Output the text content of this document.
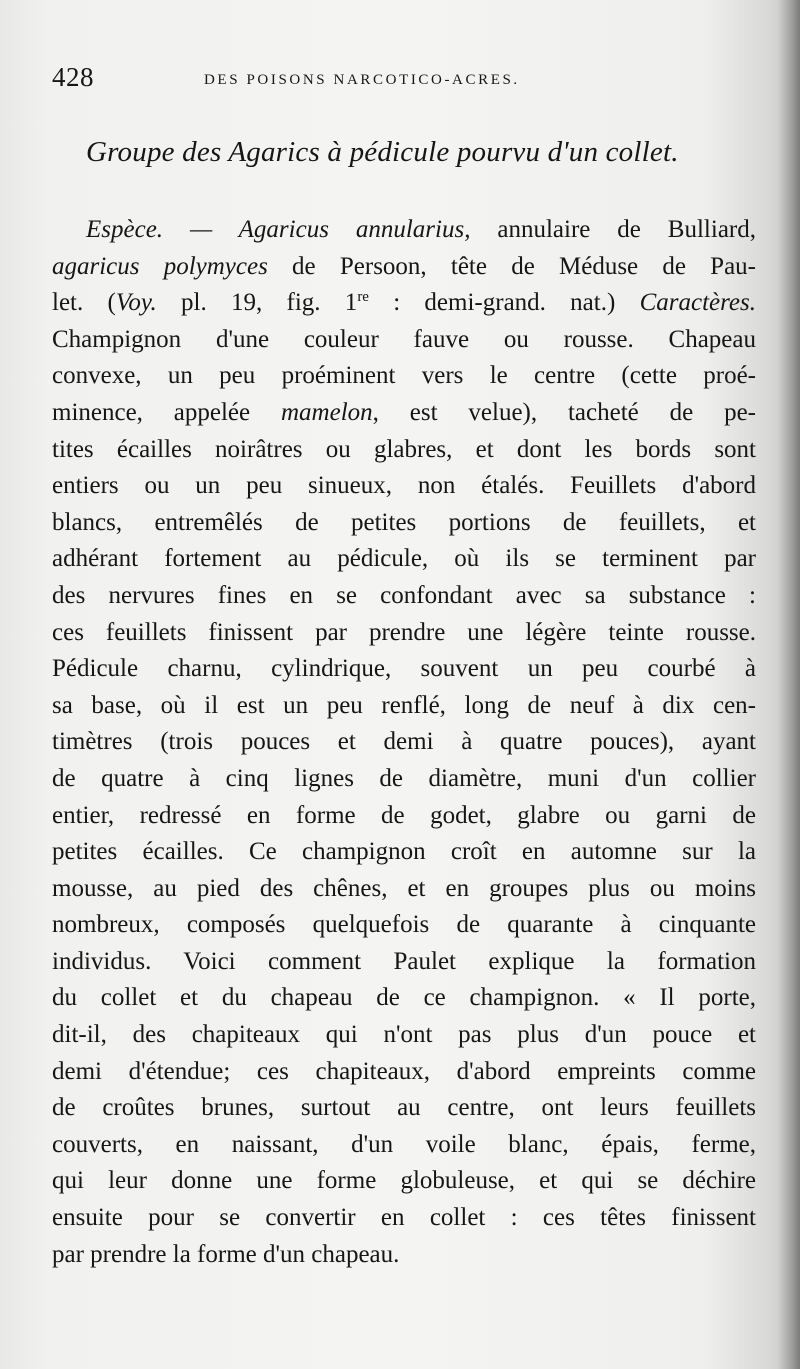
428	DES POISONS NARCOTICO-ACRES.
Groupe des Agarics à pédicule pourvu d'un collet.
Espèce. — Agaricus annularius, annulaire de Bulliard,
agaricus polymyces de Persoon, tête de Méduse de Pau-
let. (Voy. pl. 19, fig. 1re : demi-grand. nat.) Caractères.
Champignon d'une couleur fauve ou rousse. Chapeau
convexe, un peu proéminent vers le centre (cette proé-
minence, appelée mamelon, est velue), tacheté de pe-
tites écailles noirâtres ou glabres, et dont les bords sont
entiers ou un peu sinueux, non étalés. Feuillets d'abord
blancs, entremêlés de petites portions de feuillets, et
adhérant fortement au pédicule, où ils se terminent par
des nervures fines en se confondant avec sa substance :
ces feuillets finissent par prendre une légère teinte rousse.
Pédicule charnu, cylindrique, souvent un peu courbé à
sa base, où il est un peu renflé, long de neuf à dix cen-
timètres (trois pouces et demi à quatre pouces), ayant
de quatre à cinq lignes de diamètre, muni d'un collier
entier, redressé en forme de godet, glabre ou garni de
petites écailles. Ce champignon croît en automne sur la
mousse, au pied des chênes, et en groupes plus ou moins
nombreux, composés quelquefois de quarante à cinquante
individus. Voici comment Paulet explique la formation
du collet et du chapeau de ce champignon. « Il porte,
dit-il, des chapiteaux qui n'ont pas plus d'un pouce et
demi d'étendue; ces chapiteaux, d'abord empreints comme
de croûtes brunes, surtout au centre, ont leurs feuillets
couverts, en naissant, d'un voile blanc, épais, ferme,
qui leur donne une forme globuleuse, et qui se déchire
ensuite pour se convertir en collet : ces têtes finissent
par prendre la forme d'un chapeau.
